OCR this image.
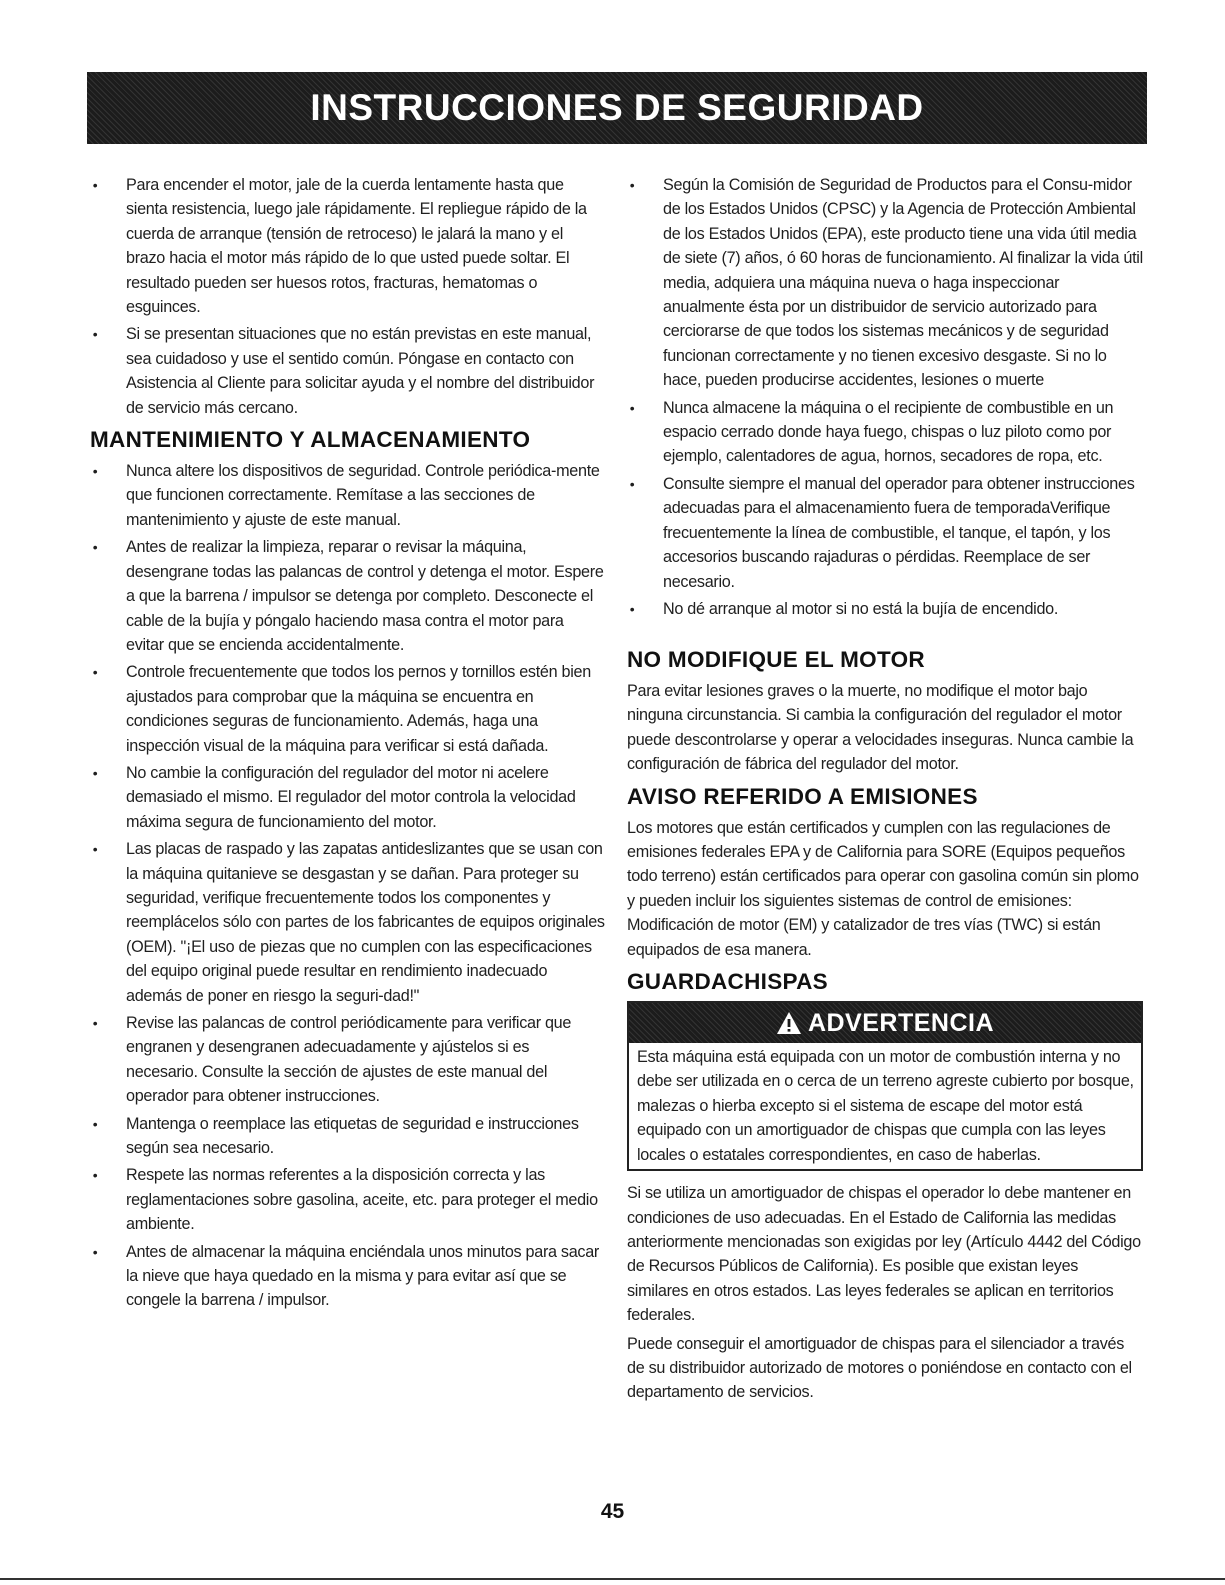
INSTRUCCIONES DE SEGURIDAD
• Para encender el motor, jale de la cuerda lentamente hasta que sienta resistencia, luego jale rápidamente. El repliegue rápido de la cuerda de arranque (tensión de retroceso) le jalará la mano y el brazo hacia el motor más rápido de lo que usted puede soltar. El resultado pueden ser huesos rotos, fracturas, hematomas o esguinces.
• Si se presentan situaciones que no están previstas en este manual, sea cuidadoso y use el sentido común. Póngase en contacto con Asistencia al Cliente para solicitar ayuda y el nombre del distribuidor de servicio más cercano.
MANTENIMIENTO Y ALMACENAMIENTO
• Nunca altere los dispositivos de seguridad. Controle periódica-mente que funcionen correctamente. Remítase a las secciones de mantenimiento y ajuste de este manual.
• Antes de realizar la limpieza, reparar o revisar la máquina, desengrane todas las palancas de control y detenga el motor. Espere a que la barrena / impulsor se detenga por completo. Desconecte el cable de la bujía y póngalo haciendo masa contra el motor para evitar que se encienda accidentalmente.
• Controle frecuentemente que todos los pernos y tornillos estén bien ajustados para comprobar que la máquina se encuentra en condiciones seguras de funcionamiento. Además, haga una inspección visual de la máquina para verificar si está dañada.
• No cambie la configuración del regulador del motor ni acelere demasiado el mismo. El regulador del motor controla la velocidad máxima segura de funcionamiento del motor.
• Las placas de raspado y las zapatas antideslizantes que se usan con la máquina quitanieve se desgastan y se dañan. Para proteger su seguridad, verifique frecuentemente todos los componentes y reemplácelos sólo con partes de los fabricantes de equipos originales (OEM). "¡El uso de piezas que no cumplen con las especificaciones del equipo original puede resultar en rendimiento inadecuado además de poner en riesgo la seguri-dad!"
• Revise las palancas de control periódicamente para verificar que engranen y desengranen adecuadamente y ajústelos si es necesario. Consulte la sección de ajustes de este manual del operador para obtener instrucciones.
• Mantenga o reemplace las etiquetas de seguridad e instrucciones según sea necesario.
• Respete las normas referentes a la disposición correcta y las reglamentaciones sobre gasolina, aceite, etc. para proteger el medio ambiente.
• Antes de almacenar la máquina enciéndala unos minutos para sacar la nieve que haya quedado en la misma y para evitar así que se congele la barrena / impulsor.
• Según la Comisión de Seguridad de Productos para el Consu-midor de los Estados Unidos (CPSC) y la Agencia de Protección Ambiental de los Estados Unidos (EPA), este producto tiene una vida útil media de siete (7) años, ó 60 horas de funcionamiento. Al finalizar la vida útil media, adquiera una máquina nueva o haga inspeccionar anualmente ésta por un distribuidor de servicio autorizado para cerciorarse de que todos los sistemas mecánicos y de seguridad funcionan correctamente y no tienen excesivo desgaste. Si no lo hace, pueden producirse accidentes, lesiones o muerte
• Nunca almacene la máquina o el recipiente de combustible en un espacio cerrado donde haya fuego, chispas o luz piloto como por ejemplo, calentadores de agua, hornos, secadores de ropa, etc.
• Consulte siempre el manual del operador para obtener instrucciones adecuadas para el almacenamiento fuera de temporadaVerifique frecuentemente la línea de combustible, el tanque, el tapón, y los accesorios buscando rajaduras o pérdidas. Reemplace de ser necesario.
• No dé arranque al motor si no está la bujía de encendido.
NO MODIFIQUE EL MOTOR

Para evitar lesiones graves o la muerte, no modifique el motor bajo ninguna circunstancia. Si cambia la configuración del regulador el motor puede descontrolarse y operar a velocidades inseguras. Nunca cambie la configuración de fábrica del regulador del motor.

AVISO REFERIDO A EMISIONES

Los motores que están certificados y cumplen con las regulaciones de emisiones federales EPA y de California para SORE (Equipos pequeños todo terreno) están certificados para operar con gasolina común sin plomo y pueden incluir los siguientes sistemas de control de emisiones: Modificación de motor (EM) y catalizador de tres vías (TWC) si están equipados de esa manera.

GUARDACHISPAS
ADVERTENCIA
Esta máquina está equipada con un motor de combustión interna y no debe ser utilizada en o cerca de un terreno agreste cubierto por bosque, malezas o hierba excepto si el sistema de escape del motor está equipado con un amortiguador de chispas que cumpla con las leyes locales o estatales correspondientes, en caso de haberlas.

Si se utiliza un amortiguador de chispas el operador lo debe mantener en condiciones de uso adecuadas. En el Estado de California las medidas anteriormente mencionadas son exigidas por ley (Artículo 4442 del Código de Recursos Públicos de California). Es posible que existan leyes similares en otros estados. Las leyes federales se aplican en territorios federales.

Puede conseguir el amortiguador de chispas para el silenciador a través de su distribuidor autorizado de motores o poniéndose en contacto con el departamento de servicios.

45
